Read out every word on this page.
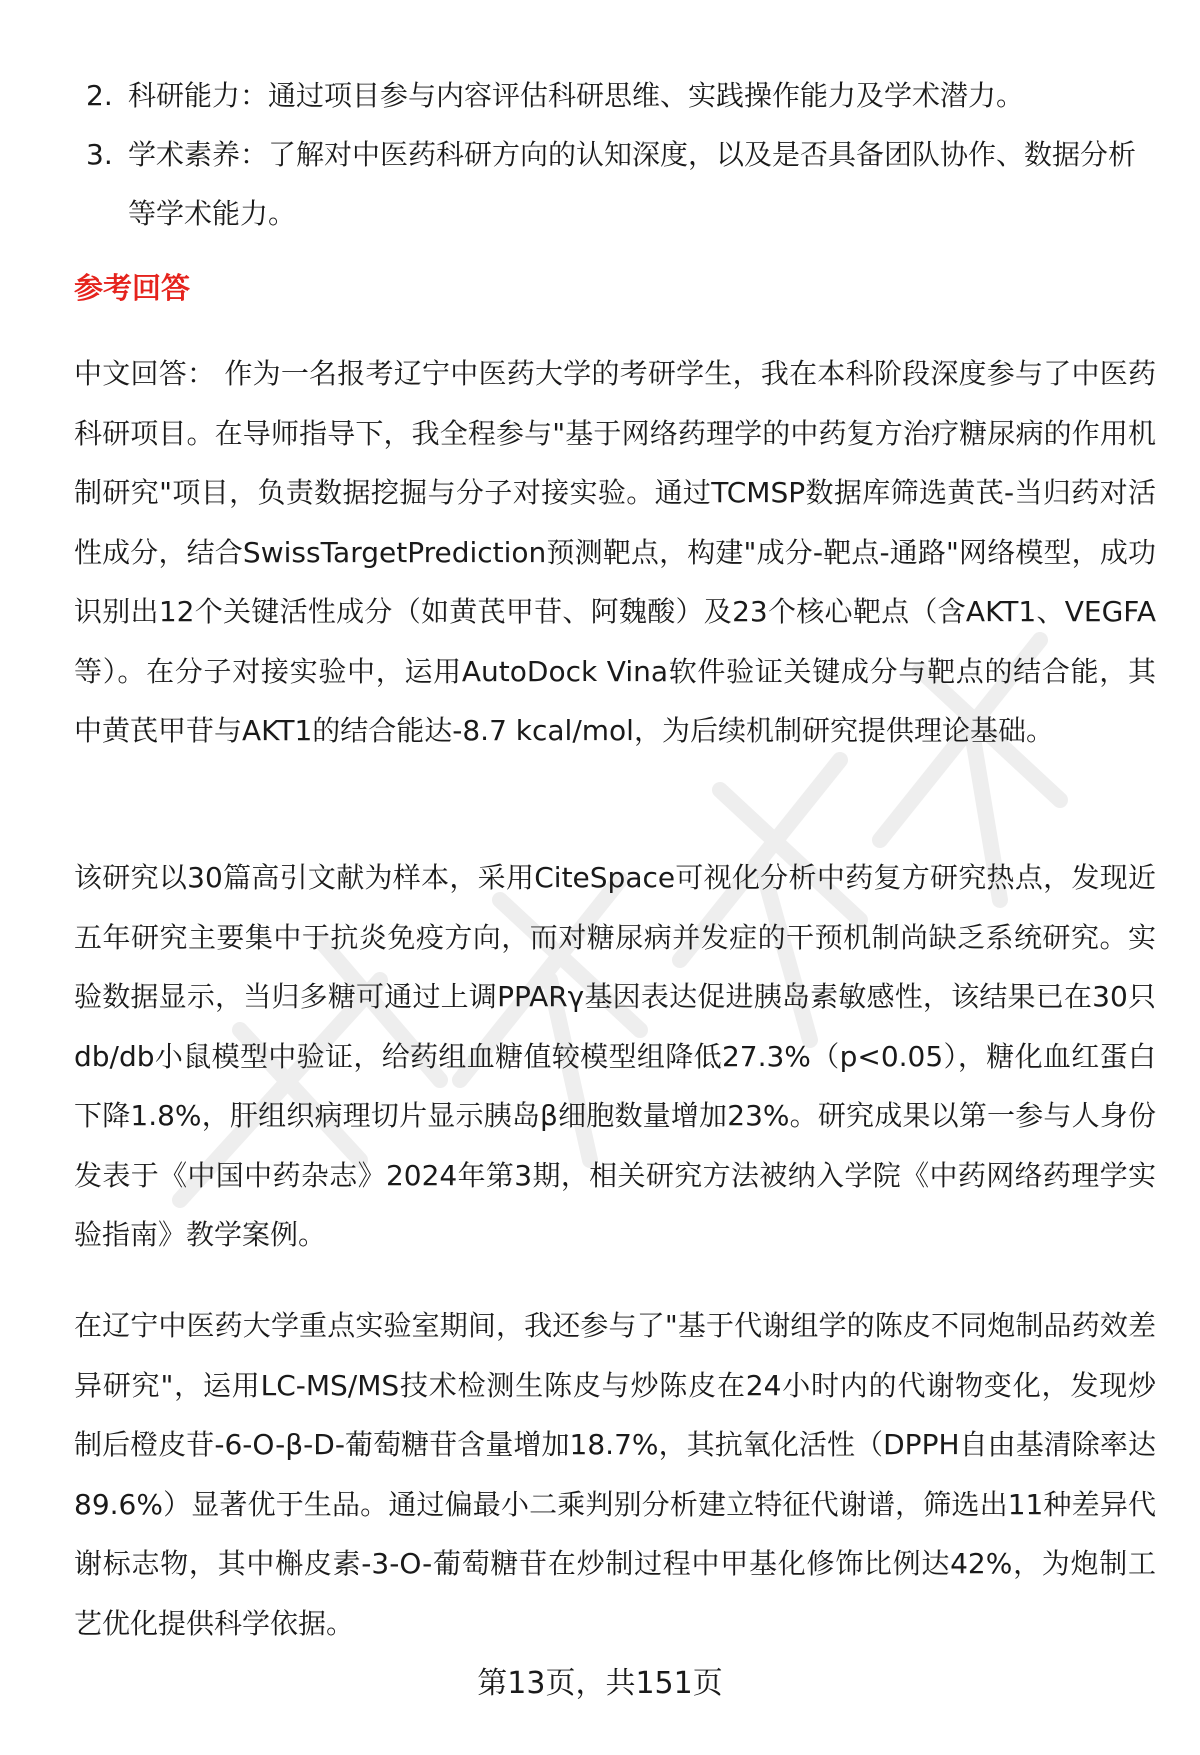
2. 科研能力：通过项目参与内容评估科研思维、实践操作能力及学术潜力。
3. 学术素养：了解对中医药科研方向的认知深度，以及是否具备团队协作、数据分析等学术能力。
参考回答

中文回答： 作为一名报考辽宁中医药大学的考研学生，我在本科阶段深度参与了中医药科研项目。在导师指导下，我全程参与"基于网络药理学的中药复方治疗糖尿病的作用机制研究"项目，负责数据挖掘与分子对接实验。通过TCMSP数据库筛选黄芪-当归药对活性成分，结合SwissTargetPrediction预测靶点，构建"成分-靶点-通路"网络模型，成功识别出12个关键活性成分（如黄芪甲苷、阿魏酸）及23个核心靶点（含AKT1、VEGFA等）。在分子对接实验中，运用AutoDock Vina软件验证关键成分与靶点的结合能，其中黄芪甲苷与AKT1的结合能达-8.7 kcal/mol，为后续机制研究提供理论基础。

该研究以30篇高引文献为样本，采用CiteSpace可视化分析中药复方研究热点，发现近五年研究主要集中于抗炎免疫方向，而对糖尿病并发症的干预机制尚缺乏系统研究。实验数据显示，当归多糖可通过上调PPARγ基因表达促进胰岛素敏感性，该结果已在30只db/db小鼠模型中验证，给药组血糖值较模型组降低27.3%（p<0.05），糖化血红蛋白下降1.8%，肝组织病理切片显示胰岛β细胞数量增加23%。研究成果以第一参与人身份发表于《中国中药杂志》2024年第3期，相关研究方法被纳入学院《中药网络药理学实验指南》教学案例。

在辽宁中医药大学重点实验室期间，我还参与了"基于代谢组学的陈皮不同炮制品药效差异研究"，运用LC-MS/MS技术检测生陈皮与炒陈皮在24小时内的代谢物变化，发现炒制后橙皮苷-6-O-β-D-葡萄糖苷含量增加18.7%，其抗氧化活性（DPPH自由基清除率达89.6%）显著优于生品。通过偏最小二乘判别分析建立特征代谢谱，筛选出11种差异代谢标志物，其中槲皮素-3-O-葡萄糖苷在炒制过程中甲基化修饰比例达42%，为炮制工艺优化提供科学依据。

第13页，共151页
